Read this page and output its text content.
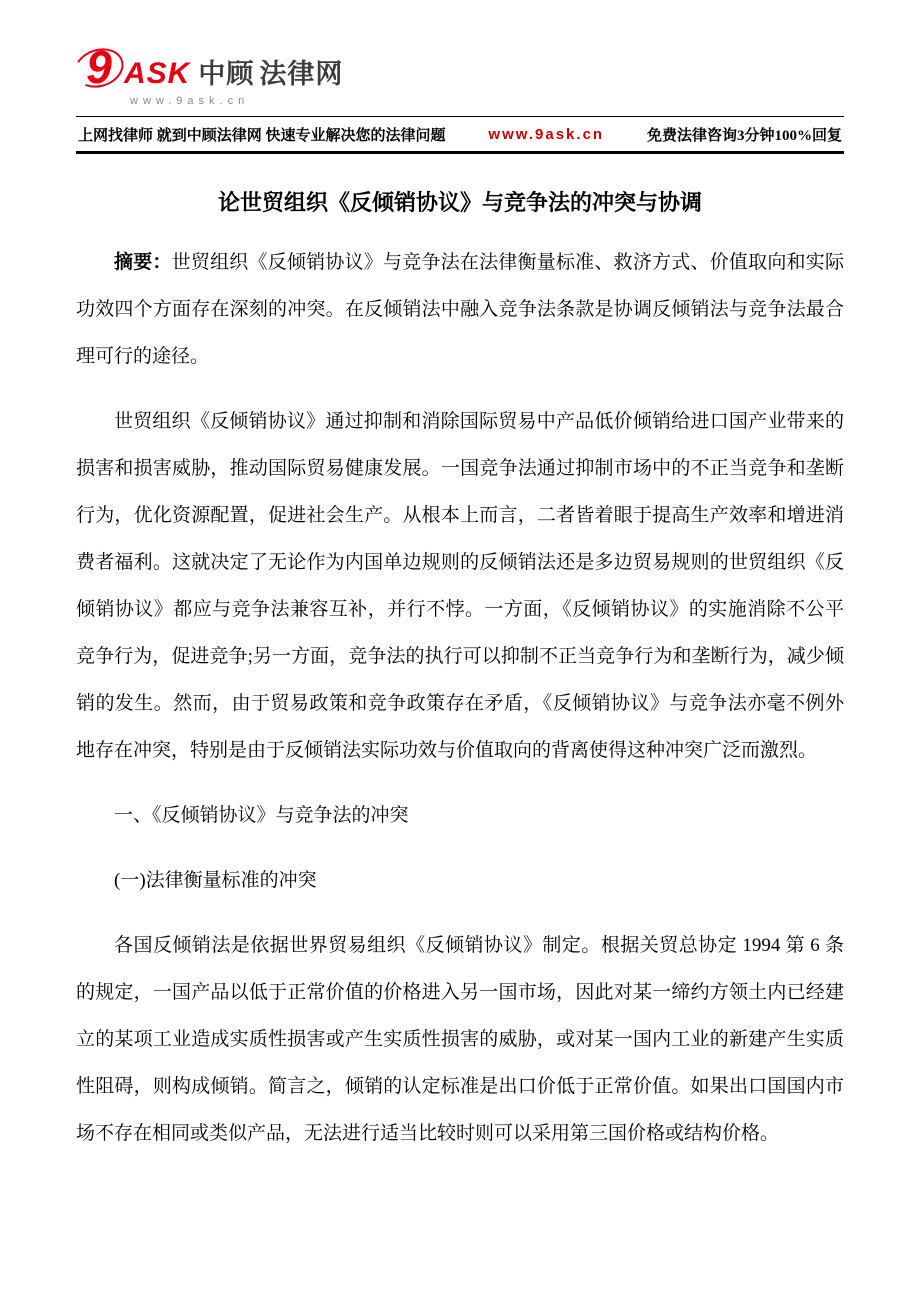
9 ASK 中顾 法律网
www.9ask.cn
上网找律师 就到中顾法律网 快速专业解决您的法律问题	www.9ask.cn	免费法律咨询3分钟100%回复
论世贸组织《反倾销协议》与竞争法的冲突与协调

摘要：世贸组织《反倾销协议》与竞争法在法律衡量标准、救济方式、价值取向和实际功效四个方面存在深刻的冲突。在反倾销法中融入竞争法条款是协调反倾销法与竞争法最合理可行的途径。

世贸组织《反倾销协议》通过抑制和消除国际贸易中产品低价倾销给进口国产业带来的损害和损害威胁，推动国际贸易健康发展。一国竞争法通过抑制市场中的不正当竞争和垄断行为，优化资源配置，促进社会生产。从根本上而言，二者皆着眼于提高生产效率和增进消费者福利。这就决定了无论作为内国单边规则的反倾销法还是多边贸易规则的世贸组织《反倾销协议》都应与竞争法兼容互补，并行不悖。一方面，《反倾销协议》的实施消除不公平竞争行为，促进竞争;另一方面，竞争法的执行可以抑制不正当竞争行为和垄断行为，减少倾销的发生。然而，由于贸易政策和竞争政策存在矛盾，《反倾销协议》与竞争法亦毫不例外地存在冲突，特别是由于反倾销法实际功效与价值取向的背离使得这种冲突广泛而激烈。

一、《反倾销协议》与竞争法的冲突

(一)法律衡量标准的冲突

各国反倾销法是依据世界贸易组织《反倾销协议》制定。根据关贸总协定 1994 第 6 条的规定，一国产品以低于正常价值的价格进入另一国市场，因此对某一缔约方领土内已经建立的某项工业造成实质性损害或产生实质性损害的威胁，或对某一国内工业的新建产生实质性阻碍，则构成倾销。简言之，倾销的认定标准是出口价低于正常价值。如果出口国国内市场不存在相同或类似产品，无法进行适当比较时则可以采用第三国价格或结构价格。
